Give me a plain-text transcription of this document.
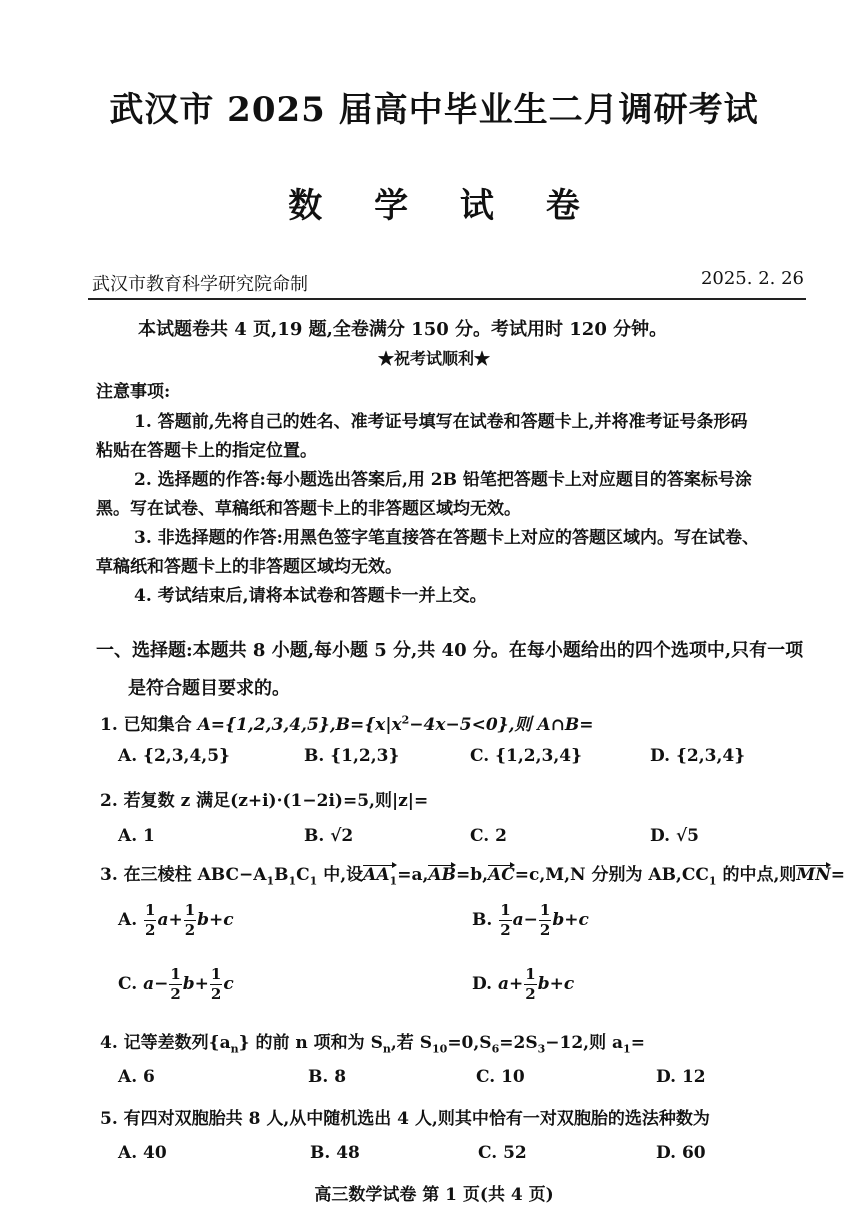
武汉市 2025 届高中毕业生二月调研考试
数 学 试 卷
武汉市教育科学研究院命制	2025. 2. 26
本试题卷共 4 页,19 题,全卷满分 150 分。考试用时 120 分钟。
★祝考试顺利★
注意事项:
1. 答题前,先将自己的姓名、准考证号填写在试卷和答题卡上,并将准考证号条形码
粘贴在答题卡上的指定位置。
2. 选择题的作答:每小题选出答案后,用 2B 铅笔把答题卡上对应题目的答案标号涂
黑。写在试卷、草稿纸和答题卡上的非答题区域均无效。
3. 非选择题的作答:用黑色签字笔直接答在答题卡上对应的答题区域内。写在试卷、
草稿纸和答题卡上的非答题区域均无效。
4. 考试结束后,请将本试卷和答题卡一并上交。
一、选择题:本题共 8 小题,每小题 5 分,共 40 分。在每小题给出的四个选项中,只有一项
是符合题目要求的。
1. 已知集合 $A=\{1,2,3,4,5\},B=\{x|x^2-4x-5<0\}$,则 A∩B=
A. {2,3,4,5}	B. {1,2,3}	C. {1,2,3,4}	D. {2,3,4}
2. 若复数 z 满足(z+i)·(1−2i)=5,则|z|=
A. 1	B. √2	C. 2	D. √5
3. 在三棱柱 $ABC-A_1B_1C_1$ 中,设$AA_1=a,AB=b,AC=c,M,N$ 分别为 $AB,CC_1$ 的中点,则MN=
A. $\frac{1}{2} a+ \frac{1}{2} b+c$	B. $\frac{1}{2} a- \frac{1}{2} b+c$
C. $a- \frac{1}{2} b+ \frac{1}{2}$ c	D. $a+ \frac{1}{2} b+c$
4. 记等差数列$\{a_n\}$ 的前 n 项和为 $S_n$,若 $S_{10}=0,S_6=2S_3-12$,则 $a_1=$
A. 6	B. 8	C. 10	D. 12
5. 有四对双胞胎共 8 人,从中随机选出 4 人,则其中恰有一对双胞胎的选法种数为
A. 40	B. 48	C. 52	D. 60
高三数学试卷 第 1 页(共 4 页)
